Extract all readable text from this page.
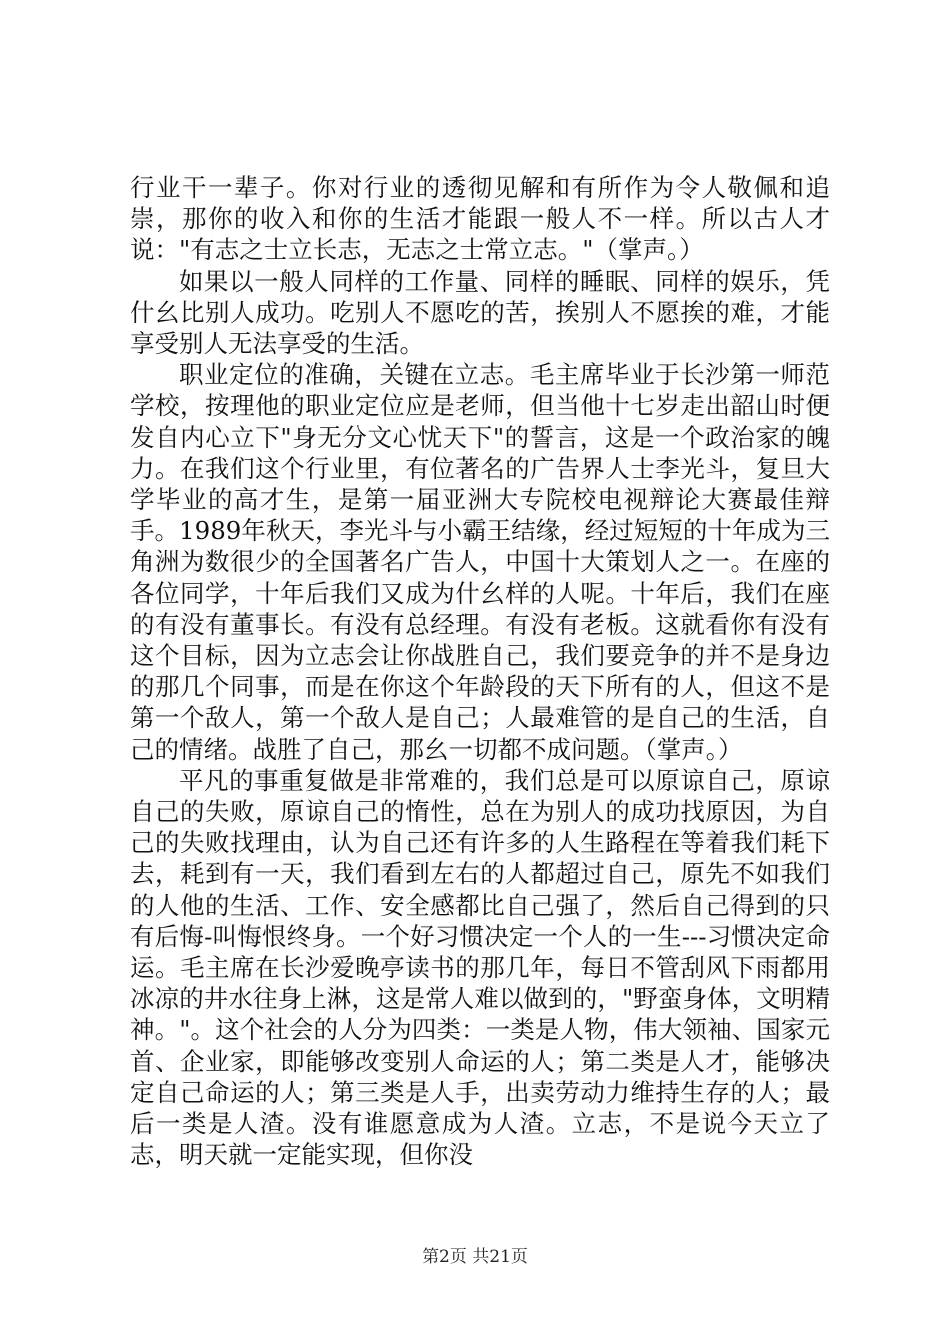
行业干一辈子。你对行业的透彻见解和有所作为令人敬佩和追崇，那你的收入和你的生活才能跟一般人不一样。所以古人才说："有志之士立长志，无志之士常立志。"（掌声。）

如果以一般人同样的工作量、同样的睡眠、同样的娱乐，凭什幺比别人成功。吃别人不愿吃的苦，挨别人不愿挨的难，才能享受别人无法享受的生活。

职业定位的准确，关键在立志。毛主席毕业于长沙第一师范学校，按理他的职业定位应是老师，但当他十七岁走出韶山时便发自内心立下"身无分文心忧天下"的誓言，这是一个政治家的魄力。在我们这个行业里，有位著名的广告界人士李光斗，复旦大学毕业的高才生，是第一届亚洲大专院校电视辩论大赛最佳辩手。1989年秋天，李光斗与小霸王结缘，经过短短的十年成为三角洲为数很少的全国著名广告人，中国十大策划人之一。在座的各位同学，十年后我们又成为什幺样的人呢。十年后，我们在座的有没有董事长。有没有总经理。有没有老板。这就看你有没有这个目标，因为立志会让你战胜自己，我们要竞争的并不是身边的那几个同事，而是在你这个年龄段的天下所有的人，但这不是第一个敌人，第一个敌人是自己；人最难管的是自己的生活，自己的情绪。战胜了自己，那幺一切都不成问题。（掌声。）

平凡的事重复做是非常难的，我们总是可以原谅自己，原谅自己的失败，原谅自己的惰性，总在为别人的成功找原因，为自己的失败找理由，认为自己还有许多的人生路程在等着我们耗下去，耗到有一天，我们看到左右的人都超过自己，原先不如我们的人他的生活、工作、安全感都比自己强了，然后自己得到的只有后悔-叫悔恨终身。一个好习惯决定一个人的一生---习惯决定命运。毛主席在长沙爱晚亭读书的那几年，每日不管刮风下雨都用冰凉的井水往身上淋，这是常人难以做到的，"野蛮身体，文明精神。"。这个社会的人分为四类：一类是人物，伟大领袖、国家元首、企业家，即能够改变别人命运的人；第二类是人才，能够决定自己命运的人；第三类是人手，出卖劳动力维持生存的人；最后一类是人渣。没有谁愿意成为人渣。立志，不是说今天立了志，明天就一定能实现，但你没

第2页 共21页
